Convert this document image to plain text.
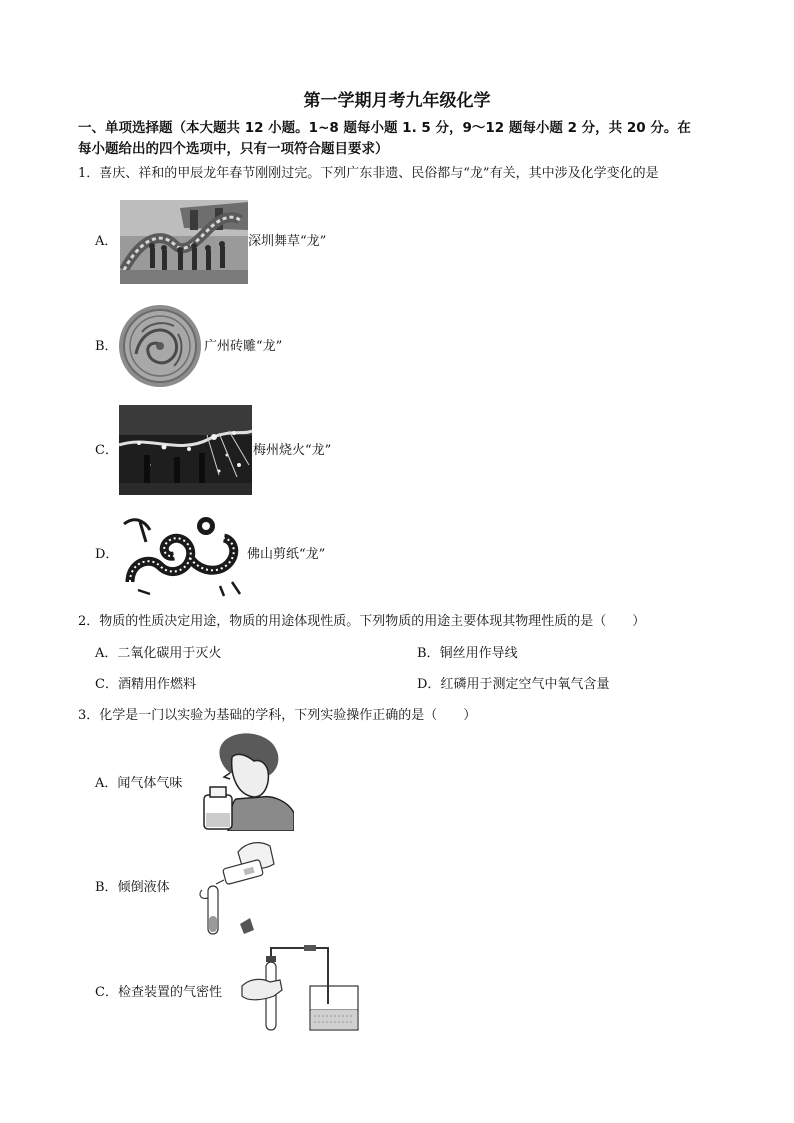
第一学期月考九年级化学
一、单项选择题（本大题共 12 小题。1~8 题每小题 1. 5 分，9～12 题每小题 2 分，共 20 分。在
每小题给出的四个选项中，只有一项符合题目要求）
1．喜庆、祥和的甲辰龙年春节刚刚过完。下列广东非遗、民俗都与“龙”有关，其中涉及化学变化的是
A．	深圳舞草“龙”
B．	广州砖雕“龙”
C．	梅州烧火“龙”
D．	佛山剪纸“龙”
2．物质的性质决定用途，物质的用途体现性质。下列物质的用途主要体现其物理性质的是（　　）
A．二氧化碳用于灭火	B．铜丝用作导线
C．酒精用作燃料	D．红磷用于测定空气中氧气含量
3．化学是一门以实验为基础的学科，下列实验操作正确的是（　　）
A．闻气体气味
B．倾倒液体
C．检查装置的气密性
